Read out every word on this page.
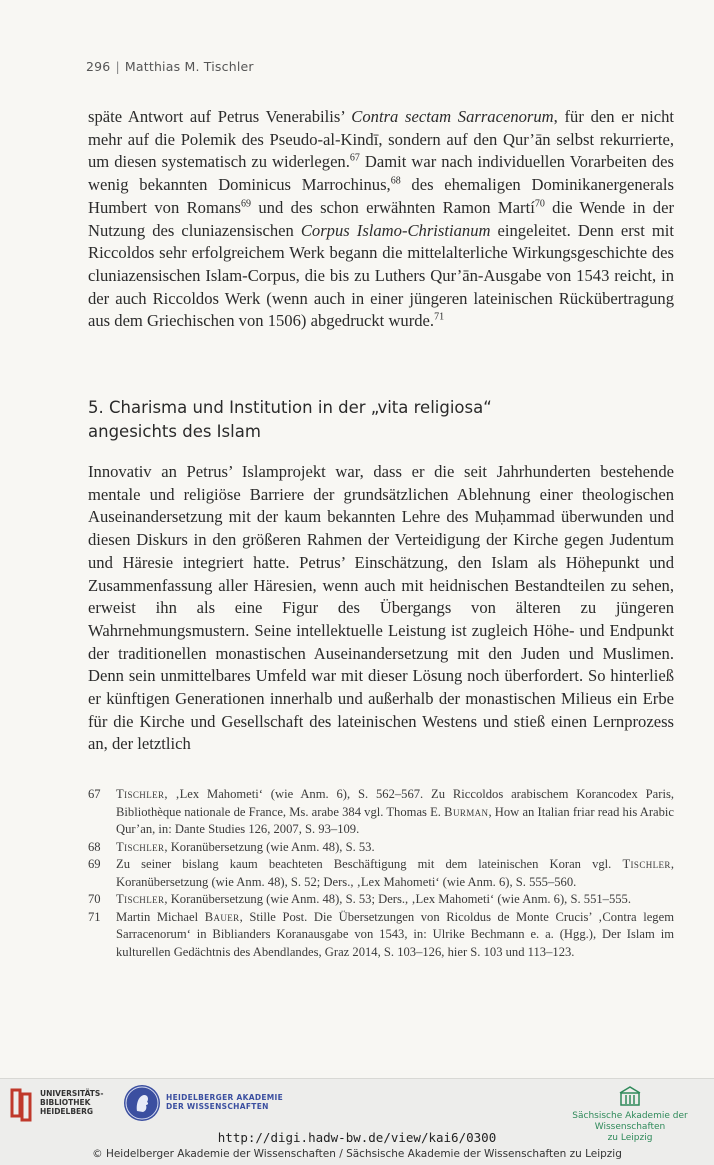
296 | Matthias M. Tischler

späte Antwort auf Petrus Venerabilis’ Contra sectam Sarracenorum, für den er nicht mehr auf die Polemik des Pseudo-al-Kindī, sondern auf den Qur’ān selbst rekurrierte, um diesen systematisch zu widerlegen.$^{67}$ Damit war nach individuellen Vorarbeiten des wenig bekannten Dominicus Marrochinus,$^{68}$ des ehemaligen Dominikanergenerals Humbert von Romans$^{69}$ und des schon erwähnten Ramon Martí$^{70}$ die Wende in der Nutzung des cluniazensischen Corpus Islamo-Christianum eingeleitet. Denn erst mit Riccoldos sehr erfolgreichem Werk begann die mittelalterliche Wirkungsgeschichte des cluniazensischen Islam-Corpus, die bis zu Luthers Qur’ān-Ausgabe von 1543 reicht, in der auch Riccoldos Werk (wenn auch in einer jüngeren lateinischen Rückübertragung aus dem Griechischen von 1506) abgedruckt wurde.$^{71}$

5. Charisma und Institution in der „vita religiosa“
angesichts des Islam

Innovativ an Petrus’ Islamprojekt war, dass er die seit Jahrhunderten bestehende mentale und religiöse Barriere der grundsätzlichen Ablehnung einer theologischen Auseinandersetzung mit der kaum bekannten Lehre des Muḥammad überwunden und diesen Diskurs in den größeren Rahmen der Verteidigung der Kirche gegen Judentum und Häresie integriert hatte. Petrus’ Einschätzung, den Islam als Höhepunkt und Zusammenfassung aller Häresien, wenn auch mit heidnischen Bestandteilen zu sehen, erweist ihn als eine Figur des Übergangs von älteren zu jüngeren Wahrnehmungsmustern. Seine intellektuelle Leistung ist zugleich Höhe- und Endpunkt der traditionellen monastischen Auseinandersetzung mit den Juden und Muslimen. Denn sein unmittelbares Umfeld war mit dieser Lösung noch überfordert. So hinterließ er künftigen Generationen innerhalb und außerhalb der monastischen Milieus ein Erbe für die Kirche und Gesellschaft des lateinischen Westens und stieß einen Lernprozess an, der letztlich

67	Tischler, ‚Lex Mahometi‘ (wie Anm. 6), S. 562–567. Zu Riccoldos arabischem Korancodex Paris, Bibliothèque nationale de France, Ms. arabe 384 vgl. Thomas E. Burman, How an Italian friar read his Arabic Qur’an, in: Dante Studies 126, 2007, S. 93–109.
68	Tischler, Koranübersetzung (wie Anm. 48), S. 53.
69	Zu seiner bislang kaum beachteten Beschäftigung mit dem lateinischen Koran vgl. Tischler, Koranübersetzung (wie Anm. 48), S. 52; Ders., ‚Lex Mahometi‘ (wie Anm. 6), S. 555–560.
70	Tischler, Koranübersetzung (wie Anm. 48), S. 53; Ders., ‚Lex Mahometi‘ (wie Anm. 6), S. 551–555.
71	Martin Michael Bauer, Stille Post. Die Übersetzungen von Ricoldus de Monte Crucis’ ‚Contra legem Sarracenorum‘ in Biblianders Koranausgabe von 1543, in: Ulrike Bechmann e. a. (Hgg.), Der Islam im kulturellen Gedächtnis des Abendlandes, Graz 2014, S. 103–126, hier S. 103 und 113–123.
UNIVERSITÄTS-
BIBLIOTHEK
HEIDELBERG
HEIDELBERGER AKADEMIE
DER WISSENSCHAFTEN
Sächsische Akademie der Wissenschaften
zu Leipzig
http://digi.hadw-bw.de/view/kai6/0300
© Heidelberger Akademie der Wissenschaften / Sächsische Akademie der Wissenschaften zu Leipzig
